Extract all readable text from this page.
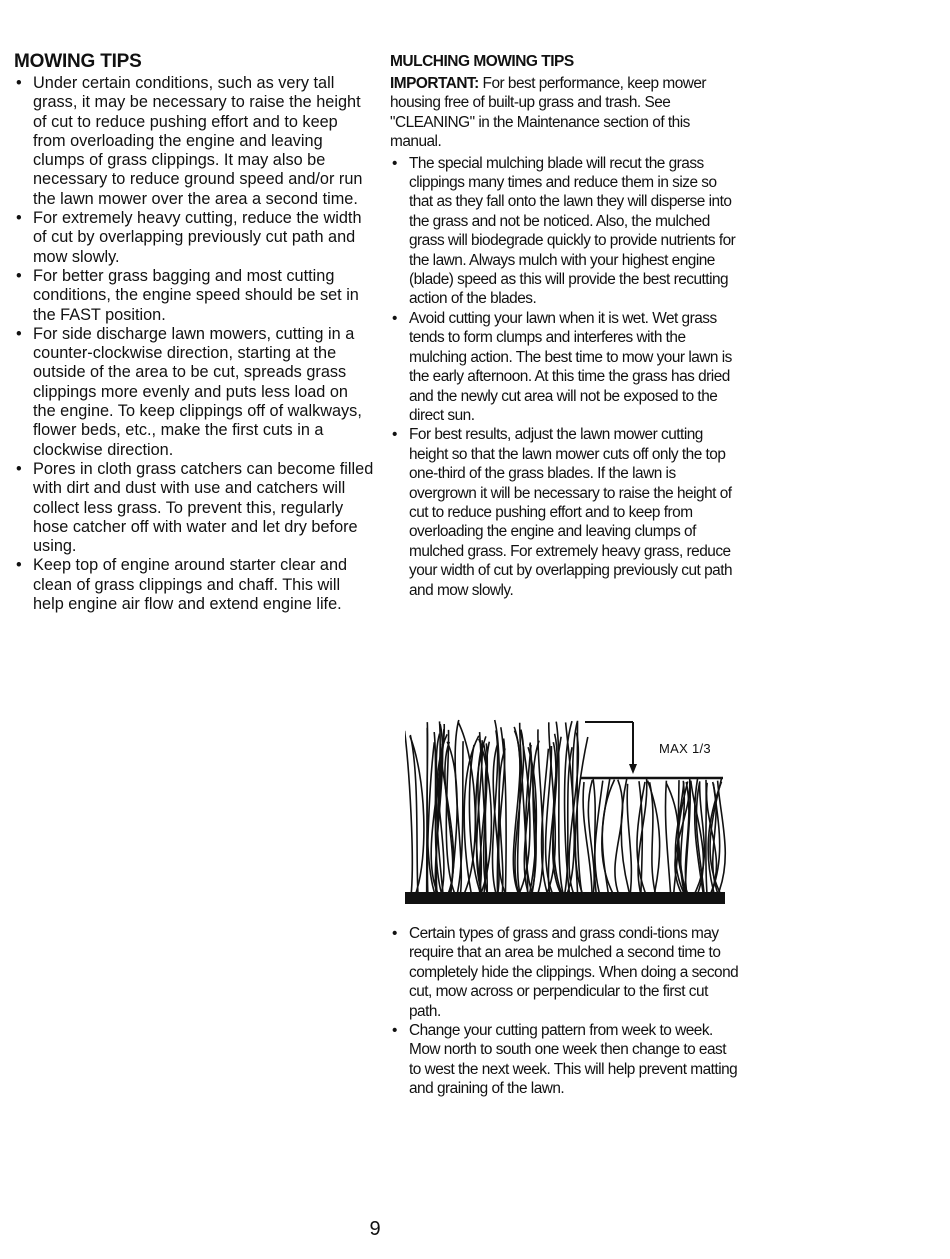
MOWING TIPS
• Under certain conditions, such as very tall grass, it may be necessary to raise the height of cut to reduce pushing effort and to keep from overloading the engine and leaving clumps of grass clippings. It may also be necessary to reduce ground speed and/or run the lawn mower over the area a second time.
• For extremely heavy cutting, reduce the width of cut by overlapping previously cut path and mow slowly.
• For better grass bagging and most cutting conditions, the engine speed should be set in the FAST position.
• For side discharge lawn mowers, cutting in a counter-clockwise direction, starting at the outside of the area to be cut, spreads grass clippings more evenly and puts less load on the engine. To keep clippings off of walkways, flower beds, etc., make the first cuts in a clockwise direction.
• Pores in cloth grass catchers can become filled with dirt and dust with use and catchers will collect less grass. To prevent this, regularly hose catcher off with water and let dry before using.
• Keep top of engine around starter clear and clean of grass clippings and chaff. This will help engine air flow and extend engine life.
MULCHING MOWING TIPS
IMPORTANT: For best performance, keep mower housing free of built-up grass and trash. See "CLEANING" in the Maintenance section of this manual.
• The special mulching blade will recut the grass clippings many times and reduce them in size so that as they fall onto the lawn they will disperse into the grass and not be noticed. Also, the mulched grass will biodegrade quickly to provide nutrients for the lawn. Always mulch with your highest engine (blade) speed as this will provide the best recutting action of the blades.
• Avoid cutting your lawn when it is wet. Wet grass tends to form clumps and interferes with the mulching action. The best time to mow your lawn is the early afternoon. At this time the grass has dried and the newly cut area will not be exposed to the direct sun.
• For best results, adjust the lawn mower cutting height so that the lawn mower cuts off only the top one-third of the grass blades. If the lawn is overgrown it will be necessary to raise the height of cut to reduce pushing effort and to keep from overloading the engine and leaving clumps of mulched grass. For extremely heavy grass, reduce your width of cut by overlapping previously cut path and mow slowly.
MAX 1/3
• Certain types of grass and grass condi-tions may require that an area be mulched a second time to completely hide the clippings. When doing a second cut, mow across or perpendicular to the first cut path.
• Change your cutting pattern from week to week. Mow north to south one week then change to east to west the next week. This will help prevent matting and graining of the lawn.
9
